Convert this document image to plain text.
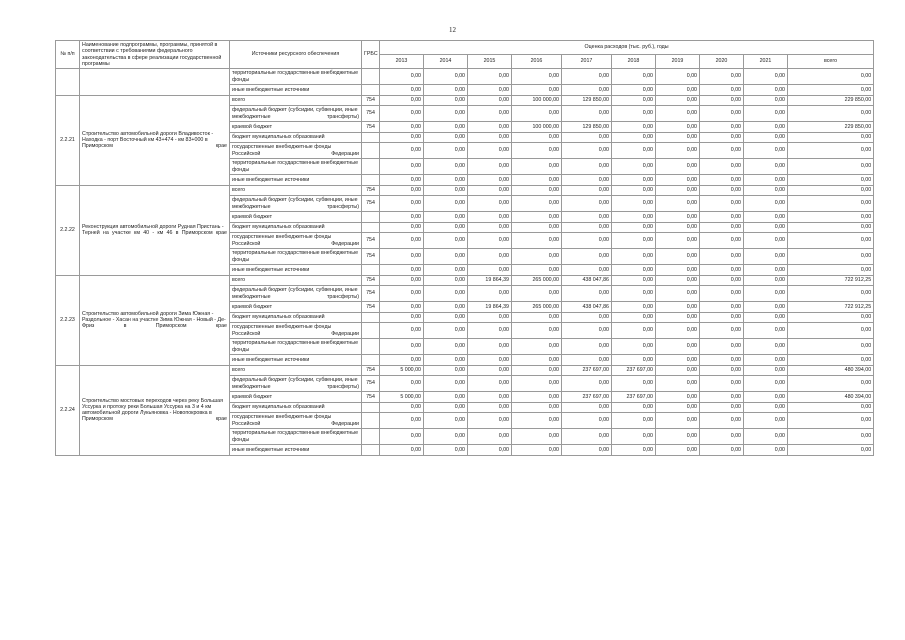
12
№ п/п	Наименование подпрограммы, программы, принятой в соответствии с требованиями федерального законодательства в сфере реализации государственной программы	Источники ресурсного обеспечения	ГРБС	Оценка расходов (тыс. руб.), годы									
				2013	2014	2015	2016	2017	2018	2019	2020	2021	всего
		территориальные государственные внебюджетные фонды		0,00	0,00	0,00	0,00	0,00	0,00	0,00	0,00	0,00	0,00
		иные внебюджетные источники		0,00	0,00	0,00	0,00	0,00	0,00	0,00	0,00	0,00	0,00
2.2.21	Строительство автомобильной дороги Владивосток - Находка - порт Восточный км 43+474 - км 83+000 в Приморском крае	всего	754	0,00	0,00	0,00	100 000,00	129 850,00	0,00	0,00	0,00	0,00	229 850,00
		федеральный бюджет (субсидии, субвенции, иные межбюджетные трансферты)	754	0,00	0,00	0,00	0,00	0,00	0,00	0,00	0,00	0,00	0,00
		краевой бюджет	754	0,00	0,00	0,00	100 000,00	129 850,00	0,00	0,00	0,00	0,00	229 850,00
		бюджет муниципальных образований		0,00	0,00	0,00	0,00	0,00	0,00	0,00	0,00	0,00	0,00
		государственные внебюджетные фонды Российской Федерации		0,00	0,00	0,00	0,00	0,00	0,00	0,00	0,00	0,00	0,00
		территориальные государственные внебюджетные фонды		0,00	0,00	0,00	0,00	0,00	0,00	0,00	0,00	0,00	0,00
		иные внебюджетные источники		0,00	0,00	0,00	0,00	0,00	0,00	0,00	0,00	0,00	0,00
2.2.22	Реконструкция автомобильной дороги Рудная Пристань - Терней на участке км 40 - км 46 в Приморском крае	всего	754	0,00	0,00	0,00	0,00	0,00	0,00	0,00	0,00	0,00	0,00
		федеральный бюджет (субсидии, субвенции, иные межбюджетные трансферты)	754	0,00	0,00	0,00	0,00	0,00	0,00	0,00	0,00	0,00	0,00
		краевой бюджет		0,00	0,00	0,00	0,00	0,00	0,00	0,00	0,00	0,00	0,00
		бюджет муниципальных образований		0,00	0,00	0,00	0,00	0,00	0,00	0,00	0,00	0,00	0,00
		государственные внебюджетные фонды Российской Федерации	754	0,00	0,00	0,00	0,00	0,00	0,00	0,00	0,00	0,00	0,00
		территориальные государственные внебюджетные фонды	754	0,00	0,00	0,00	0,00	0,00	0,00	0,00	0,00	0,00	0,00
		иные внебюджетные источники		0,00	0,00	0,00	0,00	0,00	0,00	0,00	0,00	0,00	0,00
2.2.23	Строительство автомобильной дороги Зима Южная - Раздольное - Хасан на участке Зима Южная - Новый - Де-Фриз в Приморском крае	всего	754	0,00	0,00	19 864,39	265 000,00	438 047,86	0,00	0,00	0,00	0,00	722 912,25
		федеральный бюджет (субсидии, субвенции, иные межбюджетные трансферты)	754	0,00	0,00	0,00	0,00	0,00	0,00	0,00	0,00	0,00	0,00
		краевой бюджет	754	0,00	0,00	19 864,39	265 000,00	438 047,86	0,00	0,00	0,00	0,00	722 912,25
		бюджет муниципальных образований		0,00	0,00	0,00	0,00	0,00	0,00	0,00	0,00	0,00	0,00
		государственные внебюджетные фонды Российской Федерации		0,00	0,00	0,00	0,00	0,00	0,00	0,00	0,00	0,00	0,00
		территориальные государственные внебюджетные фонды		0,00	0,00	0,00	0,00	0,00	0,00	0,00	0,00	0,00	0,00
		иные внебюджетные источники		0,00	0,00	0,00	0,00	0,00	0,00	0,00	0,00	0,00	0,00
2.2.24	Строительство мостовых переходов через реку Большая Уссурка и протоку реки Большая Уссурка на 3 и 4 км автомобильной дороги Лукьяновка - Новопокровка в Приморском крае	всего	754	5 000,00	0,00	0,00	0,00	237 697,00	237 697,00	0,00	0,00	0,00	480 394,00
		федеральный бюджет (субсидии, субвенции, иные межбюджетные трансферты)	754	0,00	0,00	0,00	0,00	0,00	0,00	0,00	0,00	0,00	0,00
		краевой бюджет	754	5 000,00	0,00	0,00	0,00	237 697,00	237 697,00	0,00	0,00	0,00	480 394,00
		бюджет муниципальных образований		0,00	0,00	0,00	0,00	0,00	0,00	0,00	0,00	0,00	0,00
		государственные внебюджетные фонды Российской Федерации		0,00	0,00	0,00	0,00	0,00	0,00	0,00	0,00	0,00	0,00
		территориальные государственные внебюджетные фонды		0,00	0,00	0,00	0,00	0,00	0,00	0,00	0,00	0,00	0,00
		иные внебюджетные источники		0,00	0,00	0,00	0,00	0,00	0,00	0,00	0,00	0,00	0,00
